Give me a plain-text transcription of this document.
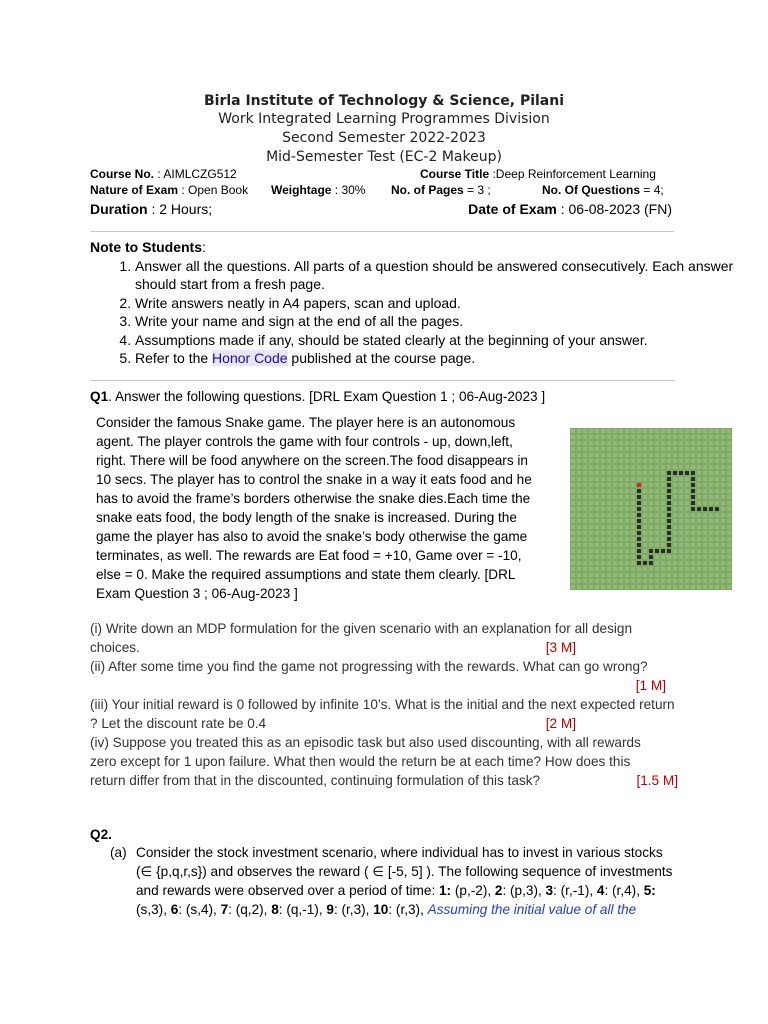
Birla Institute of Technology & Science, Pilani
Work Integrated Learning Programmes Division
Second Semester 2022-2023
Mid-Semester Test (EC-2 Makeup)
Course No. : AIMLCZG512	Course Title :Deep Reinforcement Learning
Nature of Exam : Open Book Weightage : 30% No. of Pages = 3 ;	No. Of Questions = 4;
Duration : 2 Hours;	Date of Exam : 06-08-2023 (FN)
Note to Students:
1. Answer all the questions. All parts of a question should be answered consecutively. Each answer should start from a fresh page.
2. Write answers neatly in A4 papers, scan and upload.
3. Write your name and sign at the end of all the pages.
4. Assumptions made if any, should be stated clearly at the beginning of your answer.
5. Refer to the Honor Code published at the course page.
Q1. Answer the following questions. [DRL Exam Question 1 ; 06-Aug-2023 ]
Consider the famous Snake game. The player here is an autonomous agent. The player controls the game with four controls - up, down,left, right. There will be food anywhere on the screen.The food disappears in 10 secs. The player has to control the snake in a way it eats food and he has to avoid the frame’s borders otherwise the snake dies.Each time the snake eats food, the body length of the snake is increased. During the game the player has also to avoid the snake’s body otherwise the game terminates, as well. The rewards are Eat food = +10, Game over = -10, else = 0. Make the required assumptions and state them clearly. [DRL Exam Question 3 ; 06-Aug-2023 ]
(i) Write down an MDP formulation for the given scenario with an explanation for all design choices.	[3 M]
(ii) After some time you find the game not progressing with the rewards. What can go wrong?
[1 M]
(iii) Your initial reward is 0 followed by infinite 10’s. What is the initial and the next expected return ? Let the discount rate be 0.4	[2 M]
(iv) Suppose you treated this as an episodic task but also used discounting, with all rewards zero except for 1 upon failure. What then would the return be at each time? How does this return differ from that in the discounted, continuing formulation of this task?	[1.5 M]
Q2.
(a) Consider the stock investment scenario, where individual has to invest in various stocks (∈ {p,q,r,s}) and observes the reward ( ∈ [-5, 5] ). The following sequence of investments and rewards were observed over a period of time: 1: (p,-2), 2: (p,3), 3: (r,-1), 4: (r,4), 5: (s,3), 6: (s,4), 7: (q,2), 8: (q,-1), 9: (r,3), 10: (r,3), Assuming the initial value of all the
